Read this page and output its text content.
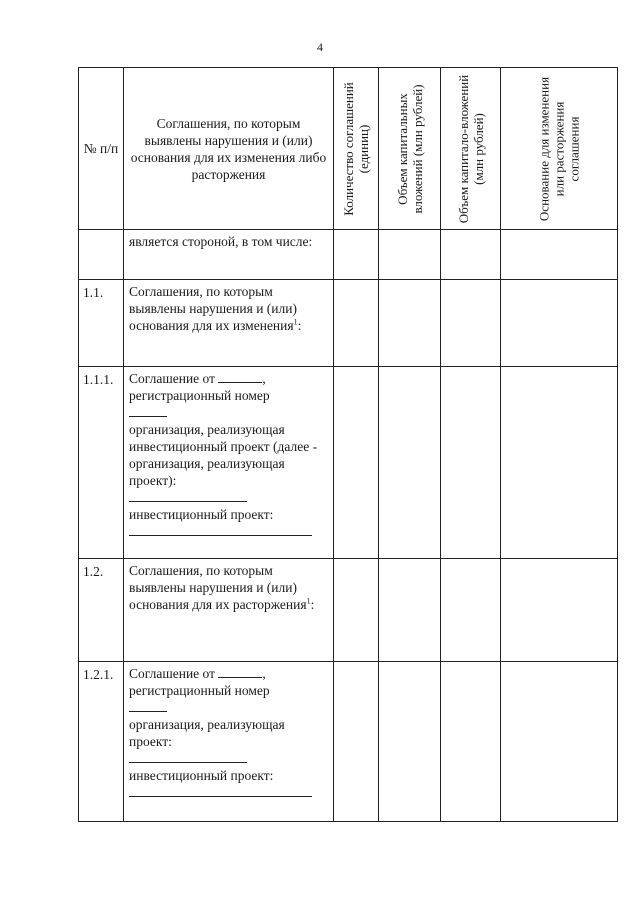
4
№ п/п	Соглашения, по которым выявлены нарушения и (или) основания для их изменения либо расторжения	Количество соглашений (единиц)	Объем капитальных вложений (млн рублей)	Объем капитало-вложений (млн рублей)	Основание для изменения или расторжения соглашения

	является стороной, в том числе:				
1.1.	Соглашения, по которым выявлены нарушения и (или) основания для их изменения$^1$:				
1.1.1.	Соглашение от ,
регистрационный номер

организация, реализующая инвестиционный проект (далее - организация, реализующая проект):
инвестиционный проект:				

1.2.	Соглашения, по которым выявлены нарушения и (или) основания для их расторжения$^1$:				
1.2.1.	Соглашение от ,
регистрационный номер

организация, реализующая проект:
инвестиционный проект:				
